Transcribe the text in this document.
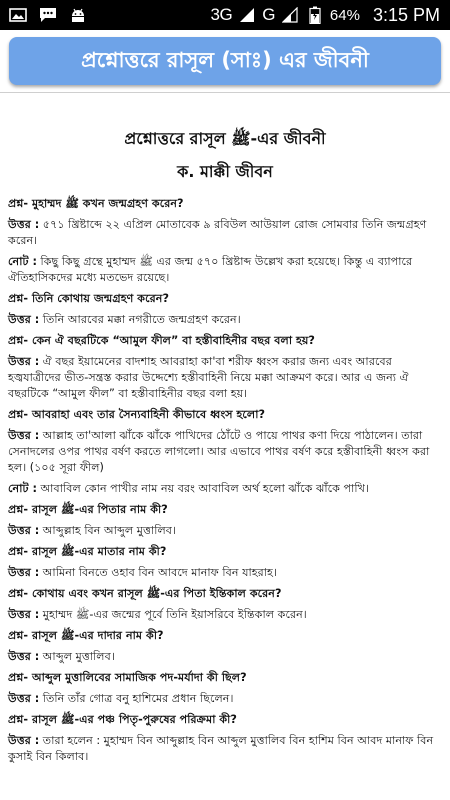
3G G	64% 3:15 PM
প্রশ্নোত্তরে রাসূল (সাঃ) এর জীবনী
প্রশ্নোত্তরে রাসূল ﷺ-এর জীবনী
ক. মাক্কী জীবন
প্রশ্ন- মুহাম্মদ ﷺ কখন জন্মগ্রহণ করেন?
উত্তর : ৫৭১ খ্রিষ্টাব্দে ২২ এপ্রিল মোতাবেক ৯ রবিউল আউয়াল রোজ সোমবার তিনি জন্মগ্রহণ করেন।
নোট : কিছু কিছু গ্রন্থে মুহাম্মদ ﷺ এর জন্ম ৫৭০ খ্রিষ্টাব্দ উল্লেখ করা হয়েছে। কিন্তু এ ব্যাপারে ঐতিহাসিকদের মধ্যে মতভেদ রয়েছে।
প্রশ্ন- তিনি কোথায় জন্মগ্রহণ করেন?
উত্তর : তিনি আরবের মক্কা নগরীতে জন্মগ্রহণ করেন।
প্রশ্ন- কেন ঐ বছরটিকে “আমুল ফীল” বা হস্তীবাহিনীর বছর বলা হয়?
উত্তর : ঐ বছর ইয়ামেনের বাদশাহ আবরাহা কা'বা শরীফ ধ্বংস করার জন্য এবং আরবের হজ্বযাত্রীদের ভীত-সন্ত্রস্ত করার উদ্দেশ্যে হস্তীবাহিনী নিয়ে মক্কা আক্রমণ করে। আর এ জন্য ঐ বছরটিকে “আমুল ফীল” বা হস্তীবাহিনীর বছর বলা হয়।
প্রশ্ন- আবরাহা এবং তার সৈন্যবাহিনী কীভাবে ধ্বংস হলো?
উত্তর : আল্লাহ তা'আলা ঝাঁকে ঝাঁকে পাখিদের ঠোঁটে ও পায়ে পাথর কণা দিয়ে পাঠালেন। তারা সেনাদলের ওপর পাথর বর্ষণ করতে লাগলো। আর এভাবে পাথর বর্ষণ করে হস্তীবাহিনী ধ্বংস করা হল। (১০৫ সূরা ফীল)
নোট : আবাবিল কোন পাখীর নাম নয় বরং আবাবিল অর্থ হলো ঝাঁকে ঝাঁকে পাখি।
প্রশ্ন- রাসূল ﷺ-এর পিতার নাম কী?
উত্তর : আব্দুল্লাহ বিন আব্দুল মুত্তালিব।
প্রশ্ন- রাসূল ﷺ-এর মাতার নাম কী?
উত্তর : আমিনা বিনতে ওহাব বিন আবদে মানাফ বিন যাহরাহ।
প্রশ্ন- কোথায় এবং কখন রাসূল ﷺ-এর পিতা ইন্তিকাল করেন?
উত্তর : মুহাম্মদ ﷺ-এর জন্মের পূর্বে তিনি ইয়াসরিবে ইন্তিকাল করেন।
প্রশ্ন- রাসূল ﷺ-এর দাদার নাম কী?
উত্তর : আব্দুল মুত্তালিব।
প্রশ্ন- আব্দুল মুত্তালিবের সামাজিক পদ-মর্যাদা কী ছিল?
উত্তর : তিনি তাঁর গোত্র বনু হাশিমের প্রধান ছিলেন।
প্রশ্ন- রাসূল ﷺ-এর পঞ্চ পিতৃ-পুরুষের পরিক্রমা কী?
উত্তর : তারা হলেন : মুহাম্মদ বিন আব্দুল্লাহ বিন আব্দুল মুত্তালিব বিন হাশিম বিন আবদ মানাফ বিন কুসাই বিন কিলাব।
